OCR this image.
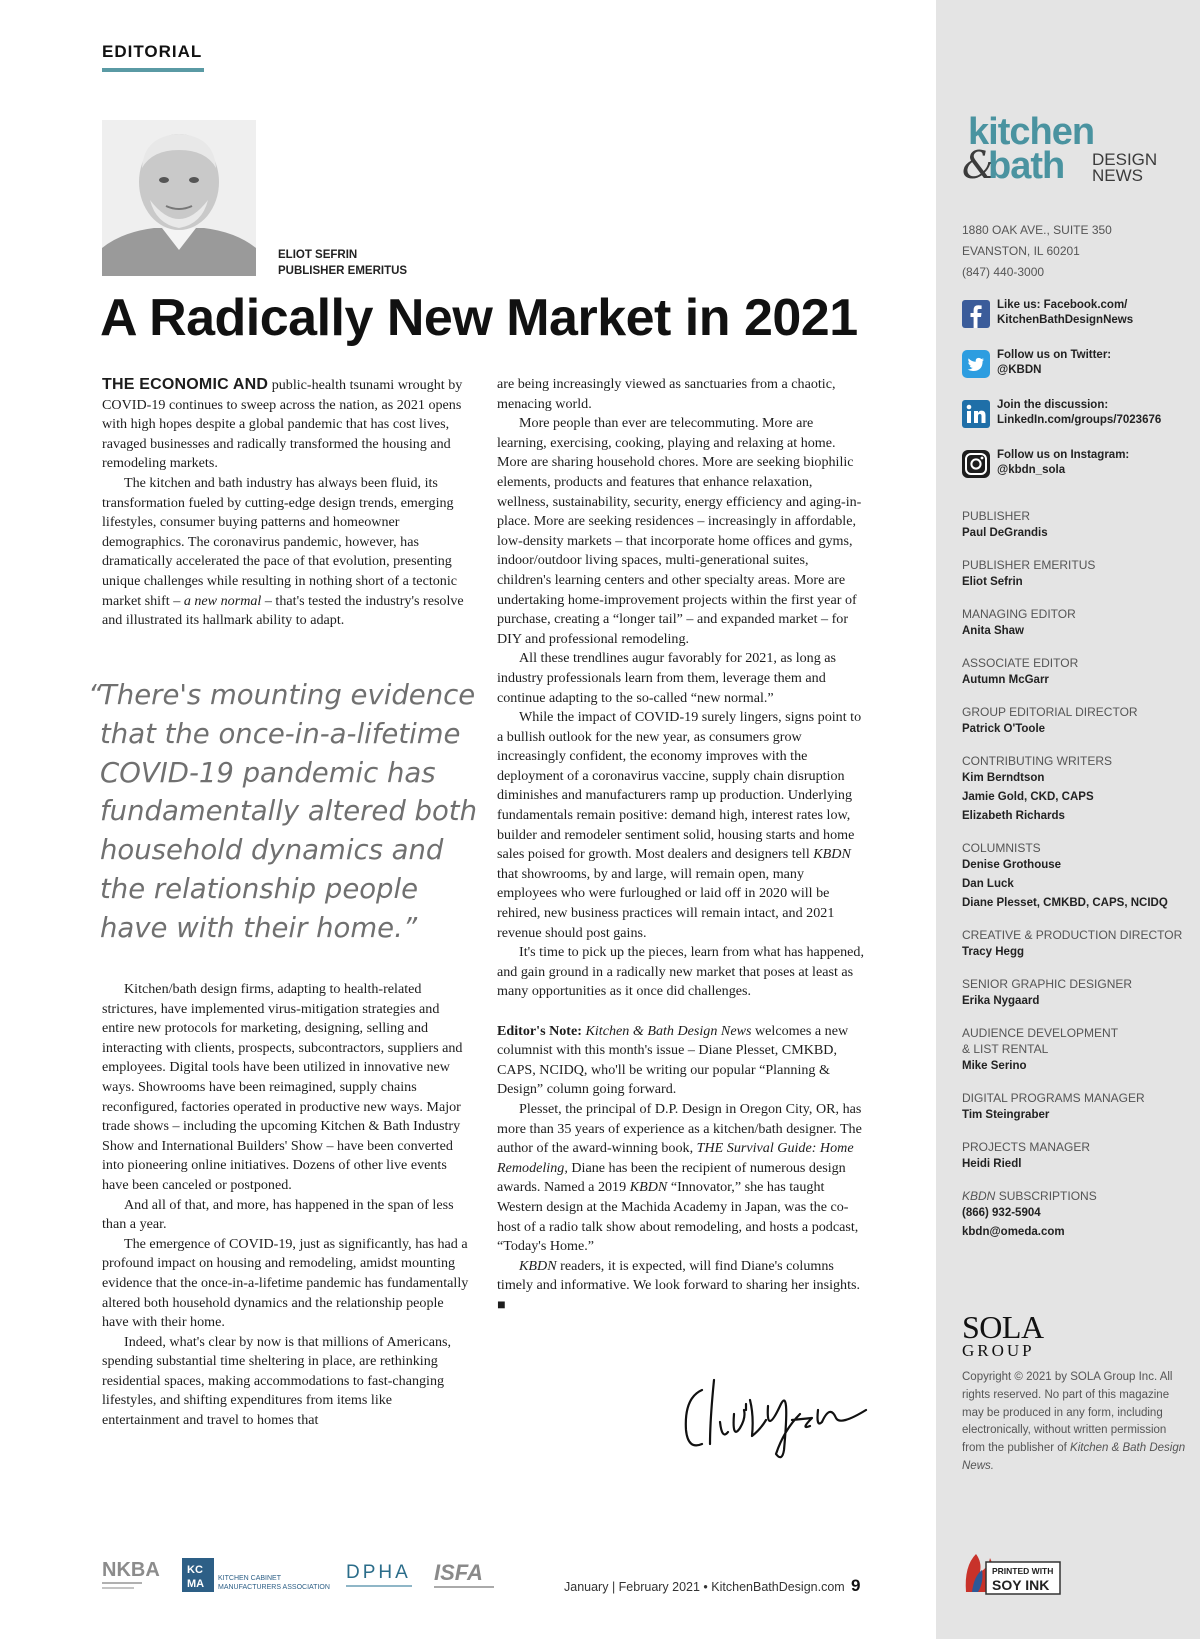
EDITORIAL
ELIOT SEFRIN
PUBLISHER EMERITUS
A Radically New Market in 2021

THE ECONOMIC AND public-health tsunami wrought by COVID-19 continues to sweep across the nation, as 2021 opens with high hopes despite a global pandemic that has cost lives, ravaged businesses and radically transformed the housing and remodeling markets.

The kitchen and bath industry has always been fluid, its transformation fueled by cutting-edge design trends, emerging lifestyles, consumer buying patterns and homeowner demographics. The coronavirus pandemic, however, has dramatically accelerated the pace of that evolution, presenting unique challenges while resulting in nothing short of a tectonic market shift – a new normal – that's tested the industry's resolve and illustrated its hallmark ability to adapt.

“
There's mounting evidence that the once-in-a-lifetime COVID-19 pandemic has fundamentally altered both household dynamics and the relationship people have with their home.”

Kitchen/bath design firms, adapting to health-related strictures, have implemented virus-mitigation strategies and entire new protocols for marketing, designing, selling and interacting with clients, prospects, subcontractors, suppliers and employees. Digital tools have been utilized in innovative new ways. Showrooms have been reimagined, supply chains reconfigured, factories operated in productive new ways. Major trade shows – including the upcoming Kitchen & Bath Industry Show and International Builders' Show – have been converted into pioneering online initiatives. Dozens of other live events have been canceled or postponed.

And all of that, and more, has happened in the span of less than a year.

The emergence of COVID-19, just as significantly, has had a profound impact on housing and remodeling, amidst mounting evidence that the once-in-a-lifetime pandemic has fundamentally altered both household dynamics and the relationship people have with their home.

Indeed, what's clear by now is that millions of Americans, spending substantial time sheltering in place, are rethinking residential spaces, making accommodations to fast-changing lifestyles, and shifting expenditures from items like entertainment and travel to homes that

are being increasingly viewed as sanctuaries from a chaotic, menacing world.

More people than ever are telecommuting. More are learning, exercising, cooking, playing and relaxing at home. More are sharing household chores. More are seeking biophilic elements, products and features that enhance relaxation, wellness, sustainability, security, energy efficiency and aging-in-place. More are seeking residences – increasingly in affordable, low-density markets – that incorporate home offices and gyms, indoor/outdoor living spaces, multi-generational suites, children's learning centers and other specialty areas. More are undertaking home-improvement projects within the first year of purchase, creating a “longer tail” – and expanded market – for DIY and professional remodeling.

All these trendlines augur favorably for 2021, as long as industry professionals learn from them, leverage them and continue adapting to the so-called “new normal.”

While the impact of COVID-19 surely lingers, signs point to a bullish outlook for the new year, as consumers grow increasingly confident, the economy improves with the deployment of a coronavirus vaccine, supply chain disruption diminishes and manufacturers ramp up production. Underlying fundamentals remain positive: demand high, interest rates low, builder and remodeler sentiment solid, housing starts and home sales poised for growth. Most dealers and designers tell KBDN that showrooms, by and large, will remain open, many employees who were furloughed or laid off in 2020 will be rehired, new business practices will remain intact, and 2021 revenue should post gains.

It's time to pick up the pieces, learn from what has happened, and gain ground in a radically new market that poses at least as many opportunities as it once did challenges.

Editor's Note: Kitchen & Bath Design News welcomes a new columnist with this month's issue – Diane Plesset, CMKBD, CAPS, NCIDQ, who'll be writing our popular “Planning & Design” column going forward.

Plesset, the principal of D.P. Design in Oregon City, OR, has more than 35 years of experience as a kitchen/bath designer. The author of the award-winning book, THE Survival Guide: Home Remodeling, Diane has been the recipient of numerous design awards. Named a 2019 KBDN “Innovator,” she has taught Western design at the Machida Academy in Japan, was the co-host of a radio talk show about remodeling, and hosts a podcast, “Today's Home.”

KBDN readers, it is expected, will find Diane's columns timely and informative. We look forward to sharing her insights. ■

NKBA KC
MA KITCHEN CABINET
MANUFACTURERS ASSOCIATION
DPHA ISFA
January | February 2021 • KitchenBathDesign.com 9
kitchen
&
bath DESIGN
NEWS
1880 OAK AVE., SUITE 350
EVANSTON, IL 60201
(847) 440-3000
Like us: Facebook.com/
KitchenBathDesignNews
Follow us on Twitter:
@KBDN
Join the discussion:
LinkedIn.com/groups/7023676
Follow us on Instagram:
@kbdn_sola
PUBLISHER
Paul DeGrandis
PUBLISHER EMERITUS
Eliot Sefrin
MANAGING EDITOR
Anita Shaw
ASSOCIATE EDITOR
Autumn McGarr
GROUP EDITORIAL DIRECTOR
Patrick O'Toole
CONTRIBUTING WRITERS
Kim Berndtson
Jamie Gold, CKD, CAPS
Elizabeth Richards
COLUMNISTS
Denise Grothouse
Dan Luck
Diane Plesset, CMKBD, CAPS, NCIDQ
CREATIVE & PRODUCTION DIRECTOR
Tracy Hegg
SENIOR GRAPHIC DESIGNER
Erika Nygaard
AUDIENCE DEVELOPMENT & LIST RENTAL
Mike Serino
DIGITAL PROGRAMS MANAGER
Tim Steingraber
PROJECTS MANAGER
Heidi Riedl
KBDN SUBSCRIPTIONS
(866) 932-5904
kbdn@omeda.com
SOLA
GROUP
Copyright © 2021 by SOLA Group Inc. All rights reserved. No part of this magazine may be produced in any form, including electronically, without written permission from the publisher of Kitchen & Bath Design News.
PRINTED WITH
SOY INK
